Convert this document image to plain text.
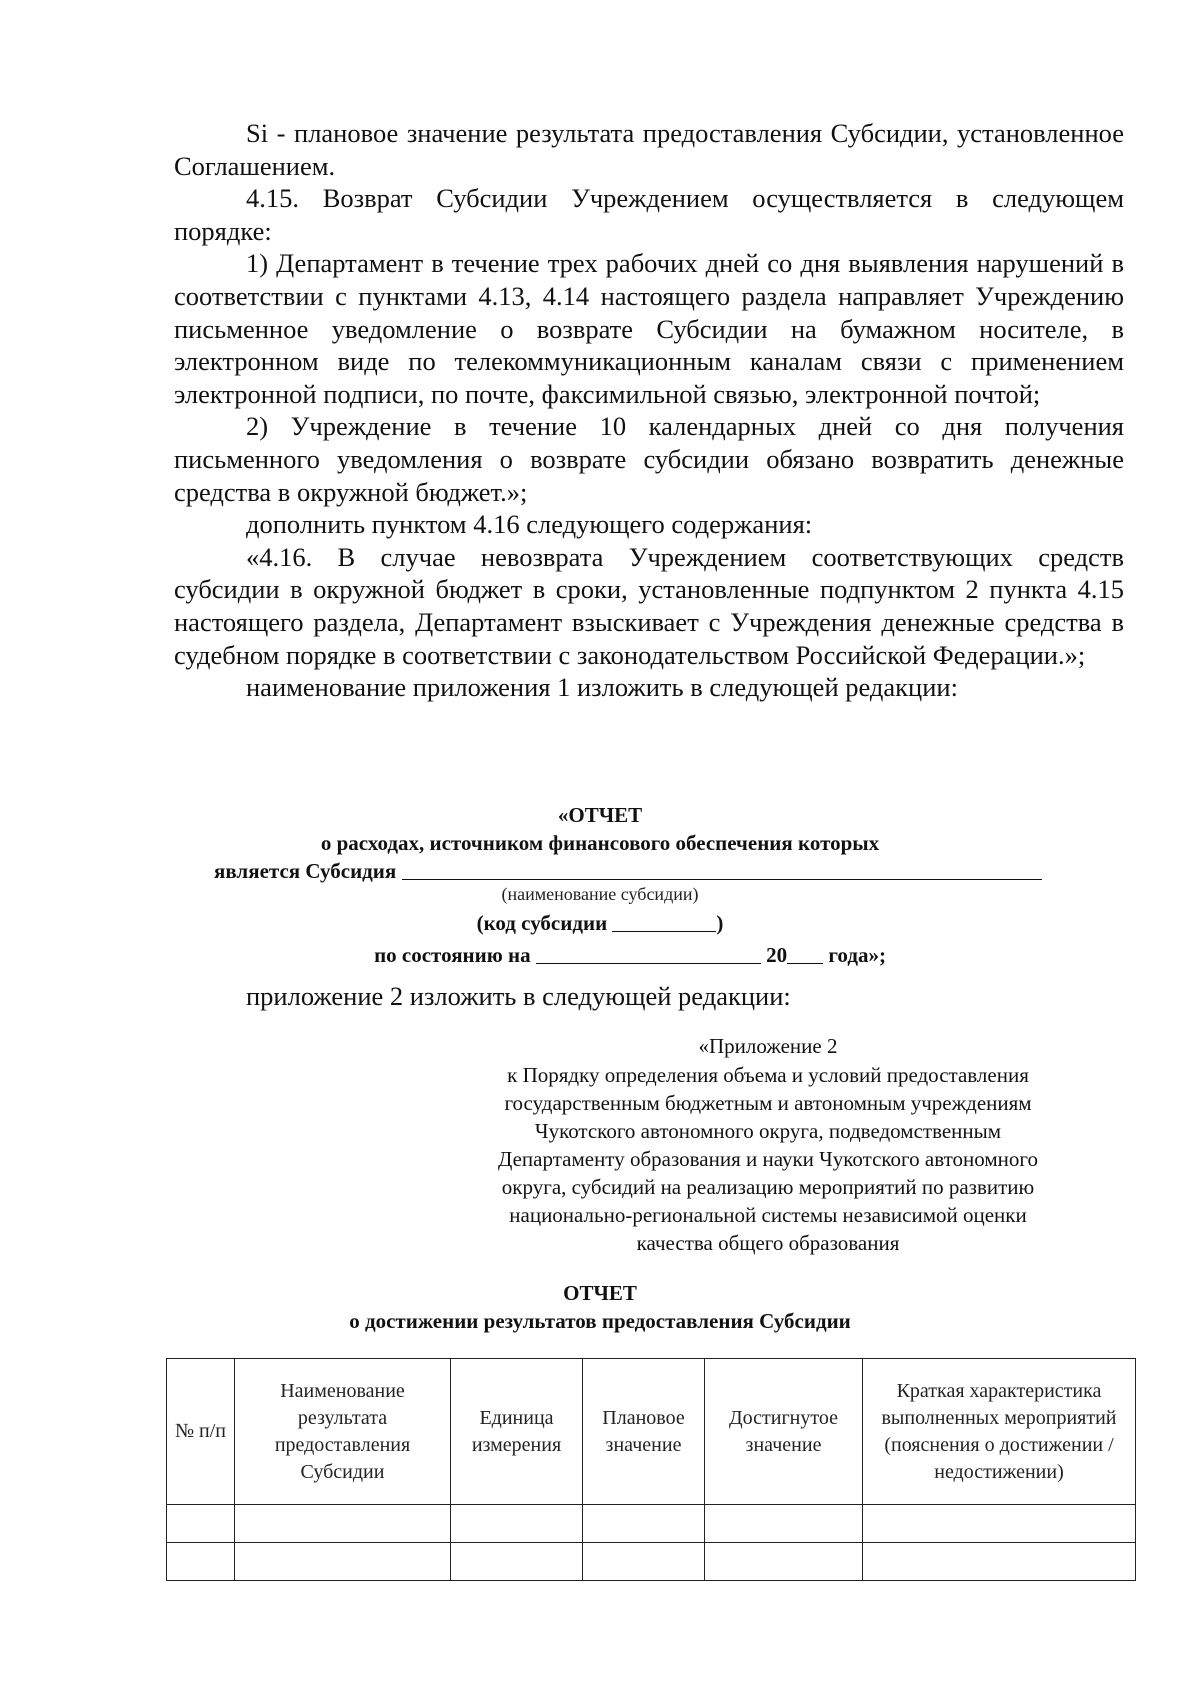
Si - плановое значение результата предоставления Субсидии, установленное Соглашением.

4.15. Возврат Субсидии Учреждением осуществляется в следующем порядке:

1) Департамент в течение трех рабочих дней со дня выявления нарушений в соответствии с пунктами 4.13, 4.14 настоящего раздела направляет Учреждению письменное уведомление о возврате Субсидии на бумажном носителе, в электронном виде по телекоммуникационным каналам связи с применением электронной подписи, по почте, факсимильной связью, электронной почтой;

2) Учреждение в течение 10 календарных дней со дня получения письменного уведомления о возврате субсидии обязано возвратить денежные средства в окружной бюджет.»;

дополнить пунктом 4.16 следующего содержания:

«4.16. В случае невозврата Учреждением соответствующих средств субсидии в окружной бюджет в сроки, установленные подпунктом 2 пункта 4.15 настоящего раздела, Департамент взыскивает с Учреждения денежные средства в судебном порядке в соответствии с законодательством Российской Федерации.»;

наименование приложения 1 изложить в следующей редакции:

«ОТЧЕТ
о расходах, источником финансового обеспечения которых
является Субсидия
(наименование субсидии)
(код субсидии	)
по состоянию на	20 года»;
приложение 2 изложить в следующей редакции:
«Приложение 2
к Порядку определения объема и условий предоставления
государственным бюджетным и автономным учреждениям
Чукотского автономного округа, подведомственным
Департаменту образования и науки Чукотского автономного
округа, субсидий на реализацию мероприятий по развитию
национально-региональной системы независимой оценки
качества общего образования
ОТЧЕТ
о достижении результатов предоставления Субсидии
№ п/п	Наименование результата предоставления Субсидии	Единица измерения	Плановое значение	Достигнутое значение	Краткая характеристика выполненных мероприятий (пояснения о достижении / недостижении)
